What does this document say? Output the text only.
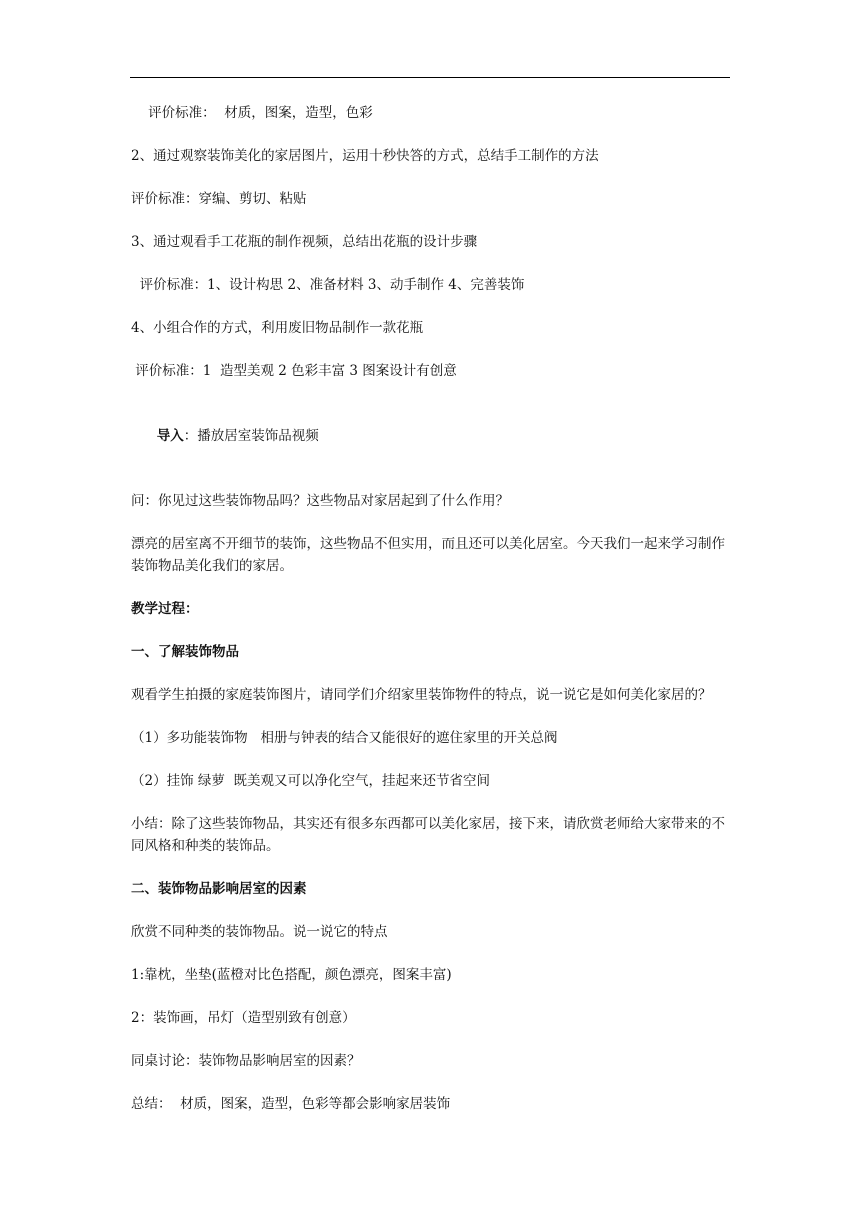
评价标准：  材质，图案，造型，色彩

2、通过观察装饰美化的家居图片，运用十秒快答的方式，总结手工制作的方法

评价标准：穿编、剪切、粘贴

3、通过观看手工花瓶的制作视频，总结出花瓶的设计步骤

评价标准：1、设计构思 2、准备材料 3、动手制作 4、完善装饰

4、小组合作的方式，利用废旧物品制作一款花瓶

评价标准：1  造型美观 2 色彩丰富 3 图案设计有创意

导入：播放居室装饰品视频

问：你见过这些装饰物品吗？这些物品对家居起到了什么作用？

漂亮的居室离不开细节的装饰，这些物品不但实用，而且还可以美化居室。今天我们一起来学习制作装饰物品美化我们的家居。

教学过程：

一、了解装饰物品

观看学生拍摄的家庭装饰图片，请同学们介绍家里装饰物件的特点，说一说它是如何美化家居的？

（1）多功能装饰物   相册与钟表的结合又能很好的遮住家里的开关总阀

（2）挂饰 绿萝  既美观又可以净化空气，挂起来还节省空间

小结：除了这些装饰物品，其实还有很多东西都可以美化家居，接下来，请欣赏老师给大家带来的不同风格和种类的装饰品。

二、装饰物品影响居室的因素

欣赏不同种类的装饰物品。说一说它的特点

1:靠枕，坐垫(蓝橙对比色搭配，颜色漂亮，图案丰富)

2：装饰画，吊灯（造型别致有创意）

同桌讨论：装饰物品影响居室的因素？

总结：  材质，图案，造型，色彩等都会影响家居装饰
